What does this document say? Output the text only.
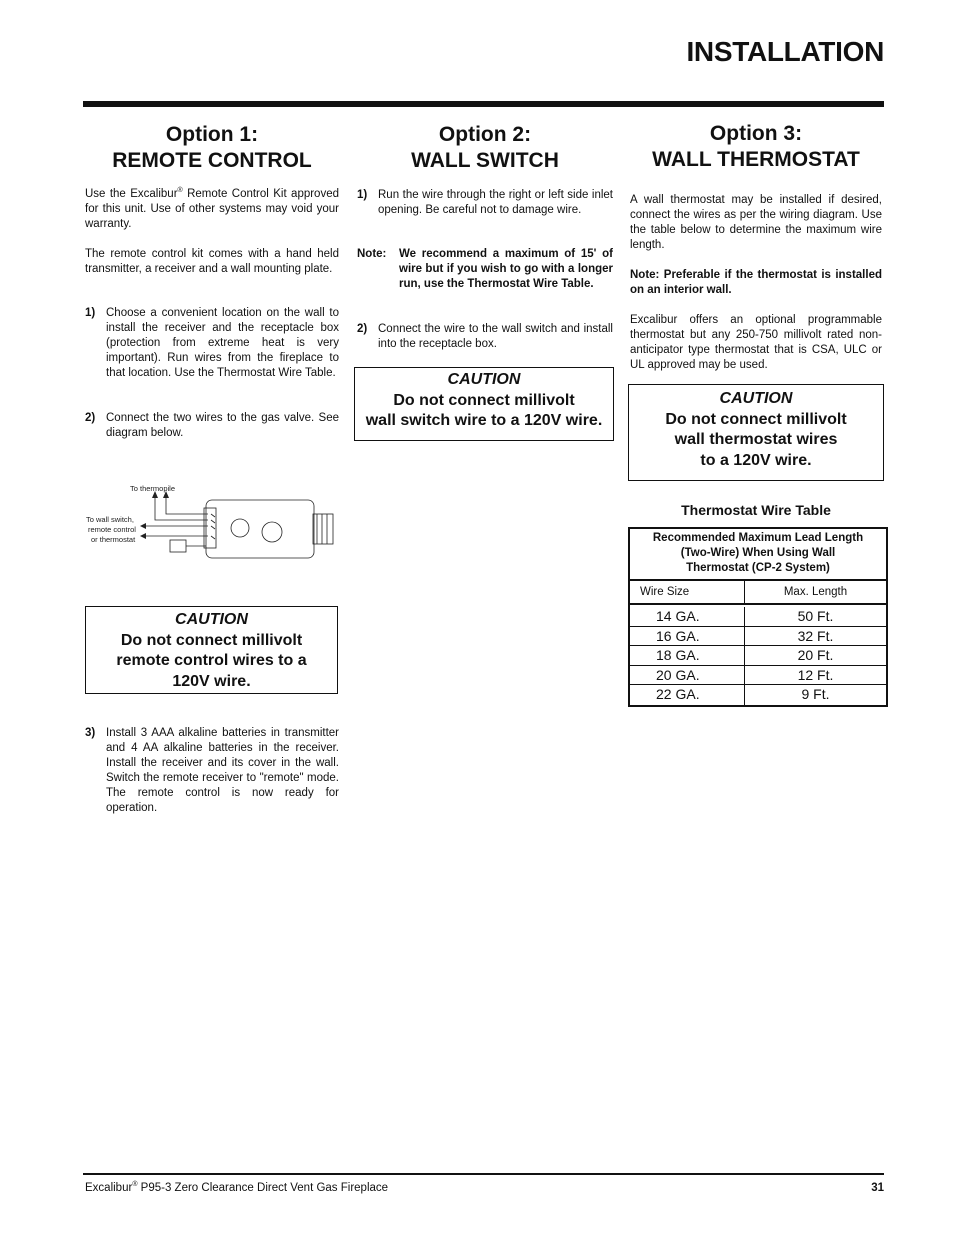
INSTALLATION
Option 1:
REMOTE CONTROL

Use the Excalibur® Remote Control Kit approved for this unit. Use of other systems may void your warranty.

The remote control kit comes with a hand held transmitter, a receiver and a wall mounting plate.

1) Choose a convenient location on the wall to install the receiver and the receptacle box (protection from extreme heat is very important). Run wires from the fireplace to that location. Use the Thermostat Wire Table.
2) Connect the two wires to the gas valve. See diagram below.
To thermopile
To wall switch,
remote control
or thermostat
CAUTION
Do not connect millivolt
remote control wires to a
120V wire.
3) Install 3 AAA alkaline batteries in transmitter and 4 AA alkaline batteries in the receiver. Install the receiver and its cover in the wall. Switch the remote receiver to "remote" mode. The remote control is now ready for operation.
Option 2:
WALL SWITCH
1) Run the wire through the right or left side inlet opening. Be careful not to damage wire.
Note: We recommend a maximum of 15' of wire but if you wish to go with a longer run, use the Thermostat Wire Table.
2) Connect the wire to the wall switch and install into the receptacle box.
CAUTION
Do not connect millivolt
wall switch wire to a 120V wire.
Option 3:
WALL THERMOSTAT

A wall thermostat may be installed if desired, connect the wires as per the wiring diagram. Use the table below to determine the maximum wire length.

Note: Preferable if the thermostat is installed on an interior wall.

Excalibur offers an optional programmable thermostat but any 250-750 millivolt rated non-anticipator type thermostat that is CSA, ULC or UL approved may be used.

CAUTION
Do not connect millivolt
wall thermostat wires
to a 120V wire.
Thermostat Wire Table
Recommended Maximum Lead Length
(Two-Wire) When Using Wall
Thermostat (CP-2 System)
Wire Size	Max. Length
14 GA.	50 Ft.
16 GA.	32 Ft.
18 GA.	20 Ft.
20 GA.	12 Ft.
22 GA.	9 Ft.
Excalibur® P95-3 Zero Clearance Direct Vent Gas Fireplace	31
